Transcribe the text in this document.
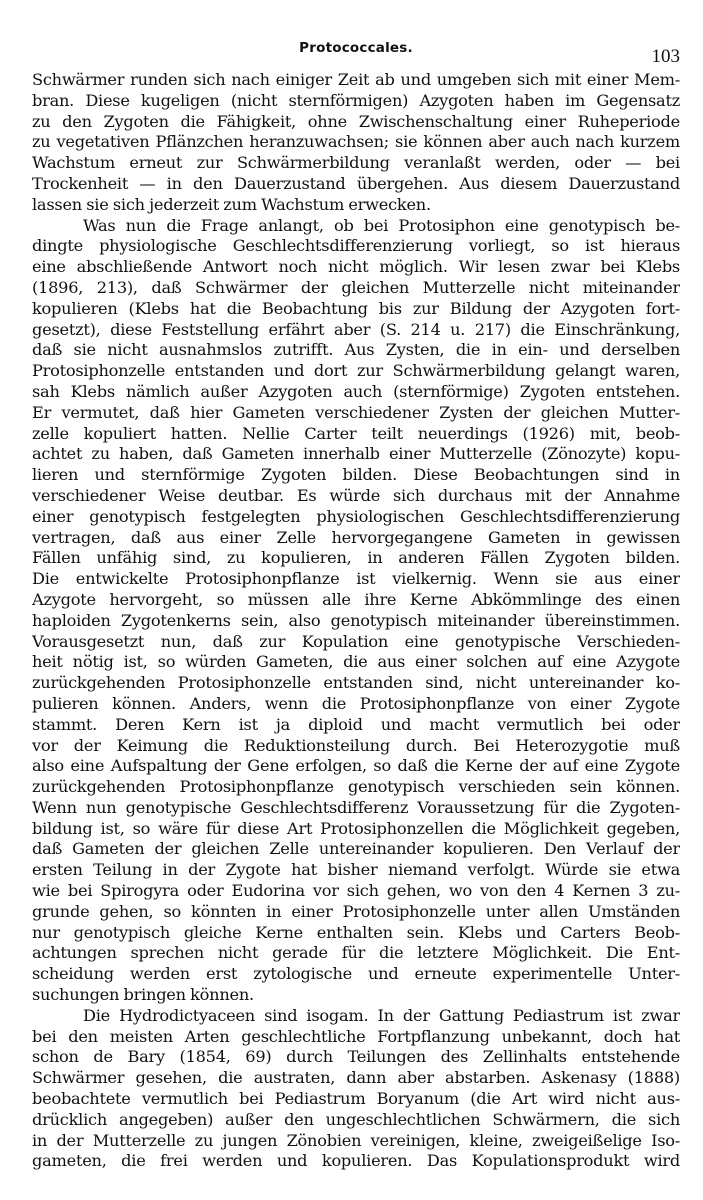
Protococcales.	103
Schwärmer runden sich nach einiger Zeit ab und umgeben sich mit einer Mem-
bran. Diese kugeligen (nicht sternförmigen) Azygoten haben im Gegensatz
zu den Zygoten die Fähigkeit, ohne Zwischenschaltung einer Ruheperiode
zu vegetativen Pflänzchen heranzuwachsen; sie können aber auch nach kurzem
Wachstum erneut zur Schwärmerbildung veranlaßt werden, oder — bei
Trockenheit — in den Dauerzustand übergehen. Aus diesem Dauerzustand
lassen sie sich jederzeit zum Wachstum erwecken.
Was nun die Frage anlangt, ob bei Protosiphon eine genotypisch be-
dingte physiologische Geschlechtsdifferenzierung vorliegt, so ist hieraus
eine abschließende Antwort noch nicht möglich. Wir lesen zwar bei Klebs
(1896, 213), daß Schwärmer der gleichen Mutterzelle nicht miteinander
kopulieren (Klebs hat die Beobachtung bis zur Bildung der Azygoten fort-
gesetzt), diese Feststellung erfährt aber (S. 214 u. 217) die Einschränkung,
daß sie nicht ausnahmslos zutrifft. Aus Zysten, die in ein- und derselben
Protosiphonzelle entstanden und dort zur Schwärmerbildung gelangt waren,
sah Klebs nämlich außer Azygoten auch (sternförmige) Zygoten entstehen.
Er vermutet, daß hier Gameten verschiedener Zysten der gleichen Mutter-
zelle kopuliert hatten. Nellie Carter teilt neuerdings (1926) mit, beob-
achtet zu haben, daß Gameten innerhalb einer Mutterzelle (Zönozyte) kopu-
lieren und sternförmige Zygoten bilden. Diese Beobachtungen sind in
verschiedener Weise deutbar. Es würde sich durchaus mit der Annahme
einer genotypisch festgelegten physiologischen Geschlechtsdifferenzierung
vertragen, daß aus einer Zelle hervorgegangene Gameten in gewissen
Fällen unfähig sind, zu kopulieren, in anderen Fällen Zygoten bilden.
Die entwickelte Protosiphonpflanze ist vielkernig. Wenn sie aus einer
Azygote hervorgeht, so müssen alle ihre Kerne Abkömmlinge des einen
haploiden Zygotenkerns sein, also genotypisch miteinander übereinstimmen.
Vorausgesetzt nun, daß zur Kopulation eine genotypische Verschieden-
heit nötig ist, so würden Gameten, die aus einer solchen auf eine Azygote
zurückgehenden Protosiphonzelle entstanden sind, nicht untereinander ko-
pulieren können. Anders, wenn die Protosiphonpflanze von einer Zygote
stammt. Deren Kern ist ja diploid und macht vermutlich bei oder
vor der Keimung die Reduktionsteilung durch. Bei Heterozygotie muß
also eine Aufspaltung der Gene erfolgen, so daß die Kerne der auf eine Zygote
zurückgehenden Protosiphonpflanze genotypisch verschieden sein können.
Wenn nun genotypische Geschlechtsdifferenz Voraussetzung für die Zygoten-
bildung ist, so wäre für diese Art Protosiphonzellen die Möglichkeit gegeben,
daß Gameten der gleichen Zelle untereinander kopulieren. Den Verlauf der
ersten Teilung in der Zygote hat bisher niemand verfolgt. Würde sie etwa
wie bei Spirogyra oder Eudorina vor sich gehen, wo von den 4 Kernen 3 zu-
grunde gehen, so könnten in einer Protosiphonzelle unter allen Umständen
nur genotypisch gleiche Kerne enthalten sein. Klebs und Carters Beob-
achtungen sprechen nicht gerade für die letztere Möglichkeit. Die Ent-
scheidung werden erst zytologische und erneute experimentelle Unter-
suchungen bringen können.
Die Hydrodictyaceen sind isogam. In der Gattung Pediastrum ist zwar
bei den meisten Arten geschlechtliche Fortpflanzung unbekannt, doch hat
schon de Bary (1854, 69) durch Teilungen des Zellinhalts entstehende
Schwärmer gesehen, die austraten, dann aber abstarben. Askenasy (1888)
beobachtete vermutlich bei Pediastrum Boryanum (die Art wird nicht aus-
drücklich angegeben) außer den ungeschlechtlichen Schwärmern, die sich
in der Mutterzelle zu jungen Zönobien vereinigen, kleine, zweigeißelige Iso-
gameten, die frei werden und kopulieren. Das Kopulationsprodukt wird
